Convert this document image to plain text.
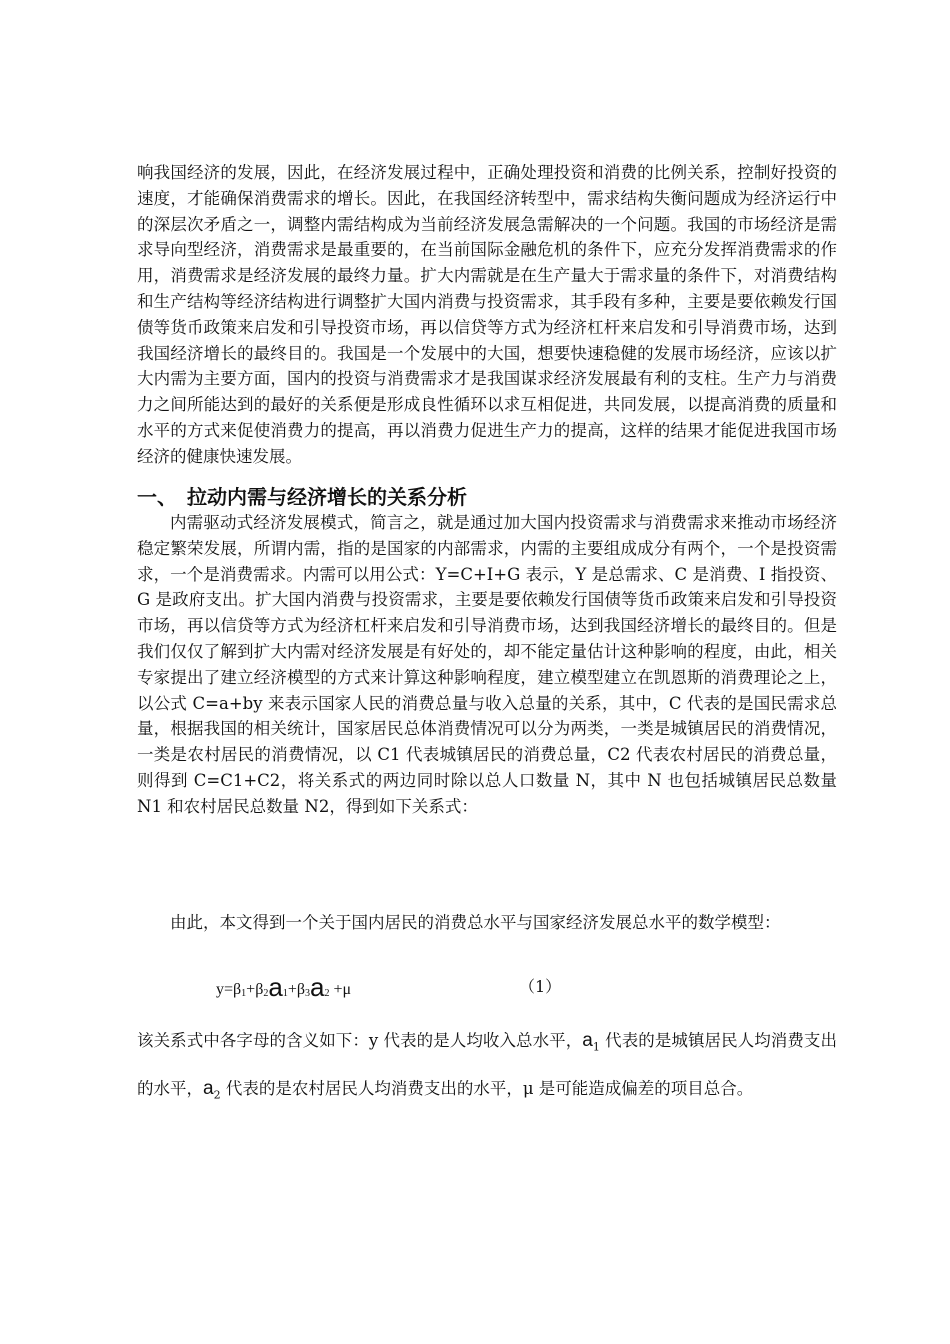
响我国经济的发展，因此，在经济发展过程中，正确处理投资和消费的比例关系，控制好投资的速度，才能确保消费需求的增长。因此，在我国经济转型中，需求结构失衡问题成为经济运行中的深层次矛盾之一，调整内需结构成为当前经济发展急需解决的一个问题。我国的市场经济是需求导向型经济，消费需求是最重要的，在当前国际金融危机的条件下，应充分发挥消费需求的作用，消费需求是经济发展的最终力量。扩大内需就是在生产量大于需求量的条件下，对消费结构和生产结构等经济结构进行调整扩大国内消费与投资需求，其手段有多种，主要是要依赖发行国债等货币政策来启发和引导投资市场，再以信贷等方式为经济杠杆来启发和引导消费市场，达到我国经济增长的最终目的。我国是一个发展中的大国，想要快速稳健的发展市场经济，应该以扩大内需为主要方面，国内的投资与消费需求才是我国谋求经济发展最有利的支柱。生产力与消费力之间所能达到的最好的关系便是形成良性循环以求互相促进，共同发展，以提高消费的质量和水平的方式来促使消费力的提高，再以消费力促进生产力的提高，这样的结果才能促进我国市场经济的健康快速发展。

一、 拉动内需与经济增长的关系分析

内需驱动式经济发展模式，简言之，就是通过加大国内投资需求与消费需求来推动市场经济稳定繁荣发展，所谓内需，指的是国家的内部需求，内需的主要组成成分有两个，一个是投资需求，一个是消费需求。内需可以用公式：Y=C+I+G 表示，Y 是总需求、C 是消费、I 指投资、G 是政府支出。扩大国内消费与投资需求，主要是要依赖发行国债等货币政策来启发和引导投资市场，再以信贷等方式为经济杠杆来启发和引导消费市场，达到我国经济增长的最终目的。但是我们仅仅了解到扩大内需对经济发展是有好处的，却不能定量估计这种影响的程度，由此，相关专家提出了建立经济模型的方式来计算这种影响程度，建立模型建立在凯恩斯的消费理论之上，以公式 C=a+by 来表示国家人民的消费总量与收入总量的关系，其中，C 代表的是国民需求总量，根据我国的相关统计，国家居民总体消费情况可以分为两类，一类是城镇居民的消费情况，一类是农村居民的消费情况，以 C1 代表城镇居民的消费总量，C2 代表农村居民的消费总量，则得到 C=C1+C2，将关系式的两边同时除以总人口数量 N，其中 N 也包括城镇居民总数量 N1 和农村居民总数量 N2，得到如下关系式：

由此，本文得到一个关于国内居民的消费总水平与国家经济发展总水平的数学模型：

$y=\beta_1+\beta_2a_1+\beta_3a_2 +\mu$	（1）

该关系式中各字母的含义如下：y 代表的是人均收入总水平，$a_1$ 代表的是城镇居民人均消费支出的水平，$a_2$ 代表的是农村居民人均消费支出的水平，μ 是可能造成偏差的项目总合。
